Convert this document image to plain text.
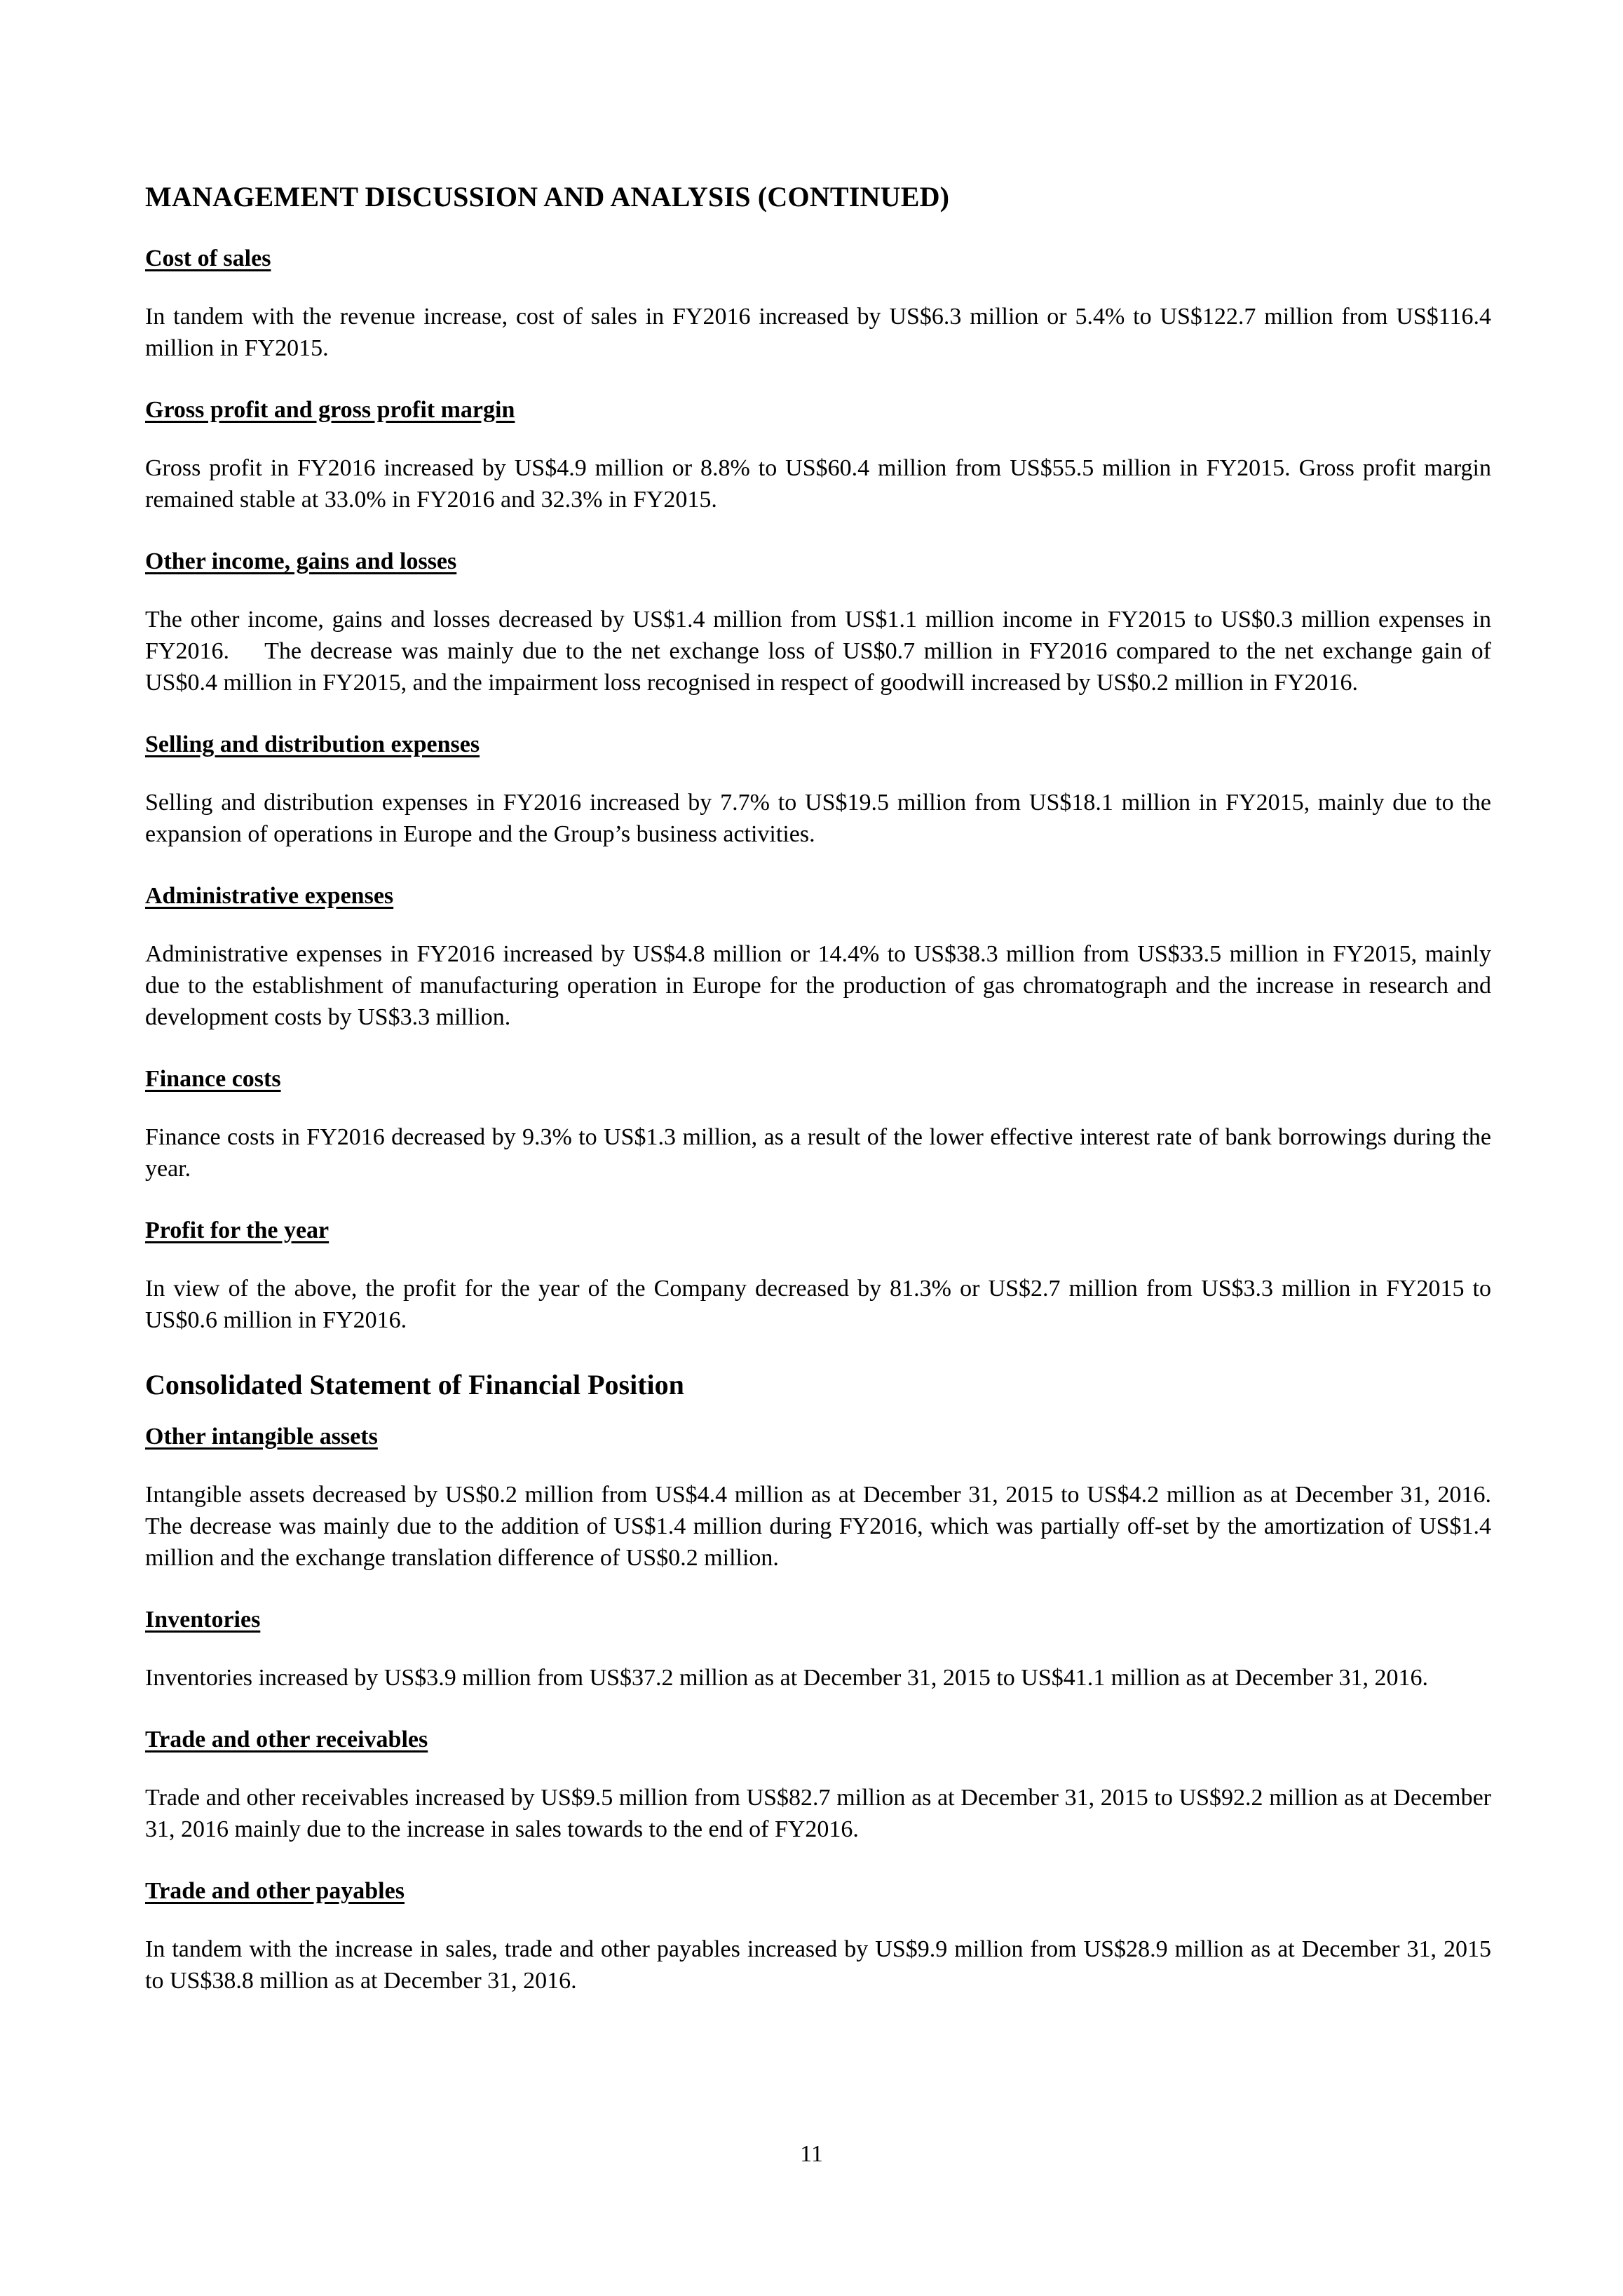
MANAGEMENT DISCUSSION AND ANALYSIS (CONTINUED)
Cost of sales
In tandem with the revenue increase, cost of sales in FY2016 increased by US$6.3 million or 5.4% to US$122.7 million from US$116.4 million in FY2015.
Gross profit and gross profit margin
Gross profit in FY2016 increased by US$4.9 million or 8.8% to US$60.4 million from US$55.5 million in FY2015. Gross profit margin remained stable at 33.0% in FY2016 and 32.3% in FY2015.
Other income, gains and losses
The other income, gains and losses decreased by US$1.4 million from US$1.1 million income in FY2015 to US$0.3 million expenses in FY2016.    The decrease was mainly due to the net exchange loss of US$0.7 million in FY2016 compared to the net exchange gain of US$0.4 million in FY2015, and the impairment loss recognised in respect of goodwill increased by US$0.2 million in FY2016.
Selling and distribution expenses
Selling and distribution expenses in FY2016 increased by 7.7% to US$19.5 million from US$18.1 million in FY2015, mainly due to the expansion of operations in Europe and the Group’s business activities.
Administrative expenses
Administrative expenses in FY2016 increased by US$4.8 million or 14.4% to US$38.3 million from US$33.5 million in FY2015, mainly due to the establishment of manufacturing operation in Europe for the production of gas chromatograph and the increase in research and development costs by US$3.3 million.
Finance costs
Finance costs in FY2016 decreased by 9.3% to US$1.3 million, as a result of the lower effective interest rate of bank borrowings during the year.
Profit for the year
In view of the above, the profit for the year of the Company decreased by 81.3% or US$2.7 million from US$3.3 million in FY2015 to US$0.6 million in FY2016.
Consolidated Statement of Financial Position
Other intangible assets
Intangible assets decreased by US$0.2 million from US$4.4 million as at December 31, 2015 to US$4.2 million as at December 31, 2016. The decrease was mainly due to the addition of US$1.4 million during FY2016, which was partially off-set by the amortization of US$1.4 million and the exchange translation difference of US$0.2 million.
Inventories
Inventories increased by US$3.9 million from US$37.2 million as at December 31, 2015 to US$41.1 million as at December 31, 2016.
Trade and other receivables
Trade and other receivables increased by US$9.5 million from US$82.7 million as at December 31, 2015 to US$92.2 million as at December 31, 2016 mainly due to the increase in sales towards to the end of FY2016.
Trade and other payables
In tandem with the increase in sales, trade and other payables increased by US$9.9 million from US$28.9 million as at December 31, 2015 to US$38.8 million as at December 31, 2016.
11
